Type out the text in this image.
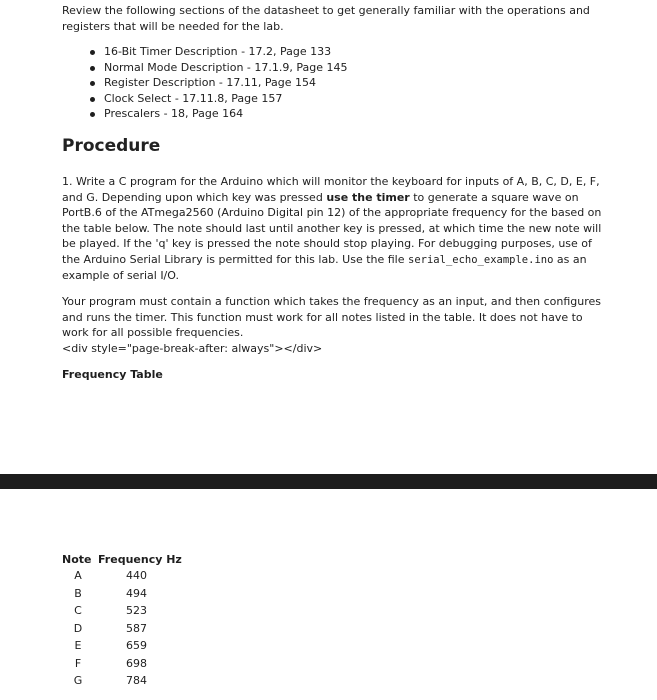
Review the following sections of the datasheet to get generally familiar with the operations and registers that will be needed for the lab.

16-Bit Timer Description - 17.2, Page 133
Normal Mode Description - 17.1.9, Page 145
Register Description - 17.11, Page 154
Clock Select - 17.11.8, Page 157
Prescalers - 18, Page 164
Procedure

1. Write a C program for the Arduino which will monitor the keyboard for inputs of A, B, C, D, E, F, and G. Depending upon which key was pressed use the timer to generate a square wave on PortB.6 of the ATmega2560 (Arduino Digital pin 12) of the appropriate frequency for the based on the table below. The note should last until another key is pressed, at which time the new note will be played. If the 'q' key is pressed the note should stop playing. For debugging purposes, use of the Arduino Serial Library is permitted for this lab. Use the file serial_echo_example.ino as an example of serial I/O.

Your program must contain a function which takes the frequency as an input, and then configures and runs the timer. This function must work for all notes listed in the table. It does not have to work for all possible frequencies.
<div style="page-break-after: always"></div>

Frequency Table
Note	Frequency Hz
A	440
B	494
C	523
D	587
E	659
F	698
G	784
